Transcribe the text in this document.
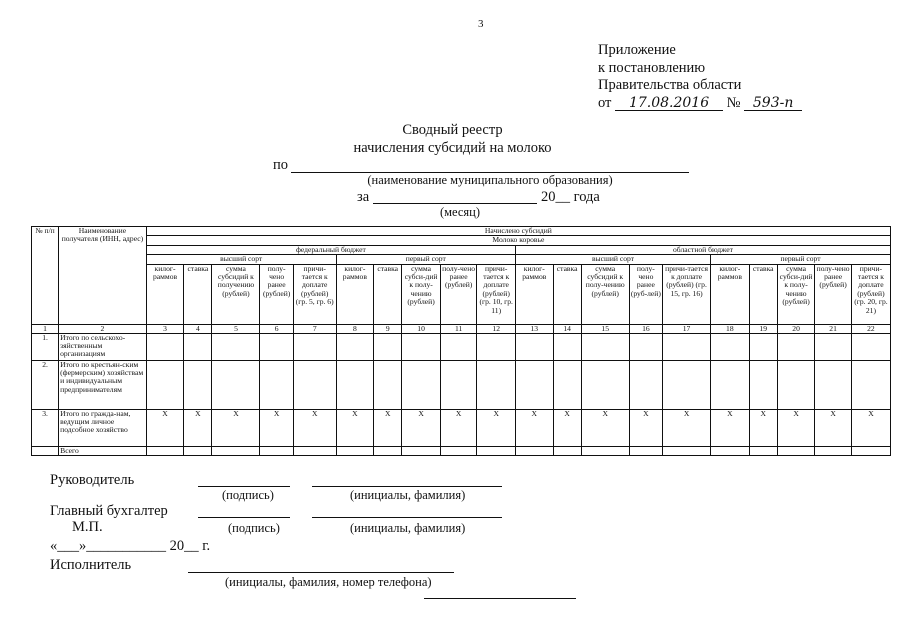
3
Приложение
к постановлению
Правительства области
от 17.08.2016 № 593-п
Сводный реестр
начисления субсидий на молоко
по
(наименование муниципального образования)
за	20__ года
(месяц)
№ п/п	Наименование получателя (ИНН, адрес)	Начислено субсидий																			
		Молоко коровье																			
		федеральный бюджет										областной бюджет									
		высший сорт					первый сорт					высший сорт					первый сорт				
		килог-раммов	ставка	сумма субсидий к получению (рублей)	полу-чено ранее (рублей)	причи-тается к доплате (рублей) (гр. 5, гр. 6)	килог-раммов	ставка	сумма субси-дий к полу-чению (рублей)	полу-чено ранее (рублей)	причи-тается к доплате (рублей) (гр. 10, гр. 11)	килог-раммов	ставка	сумма субсидий к полу-чению (рублей)	полу-чено ранее (руб-лей)	причи-тается к доплате (рублей) (гр. 15, гр. 16)	килог-раммов	ставка	сумма субси-дий к полу-чению (рублей)	полу-чено ранее (рублей)	причи-тается к доплате (рублей) (гр. 20, гр. 21)
1	2	3	4	5	6	7	8	9	10	11	12	13	14	15	16	17	18	19	20	21	22
1.	Итого по сельскохо-зяйственным организациям																				
2.	Итого по крестьян-ским (фермерским) хозяйствам и индивидуальным предпринимателям																				
3.	Итого по гражда-нам, ведущим личное подсобное хозяйство	X	X	X	X	X	X	X	X	X	X	X	X	X	X	X	X	X	X	X	X
	Всего																				
Руководитель
(подпись)	(инициалы, фамилия)
Главный бухгалтер
М.П.	(подпись)	(инициалы, фамилия)
«___»___________ 20__ г.
Исполнитель
(инициалы, фамилия, номер телефона)
